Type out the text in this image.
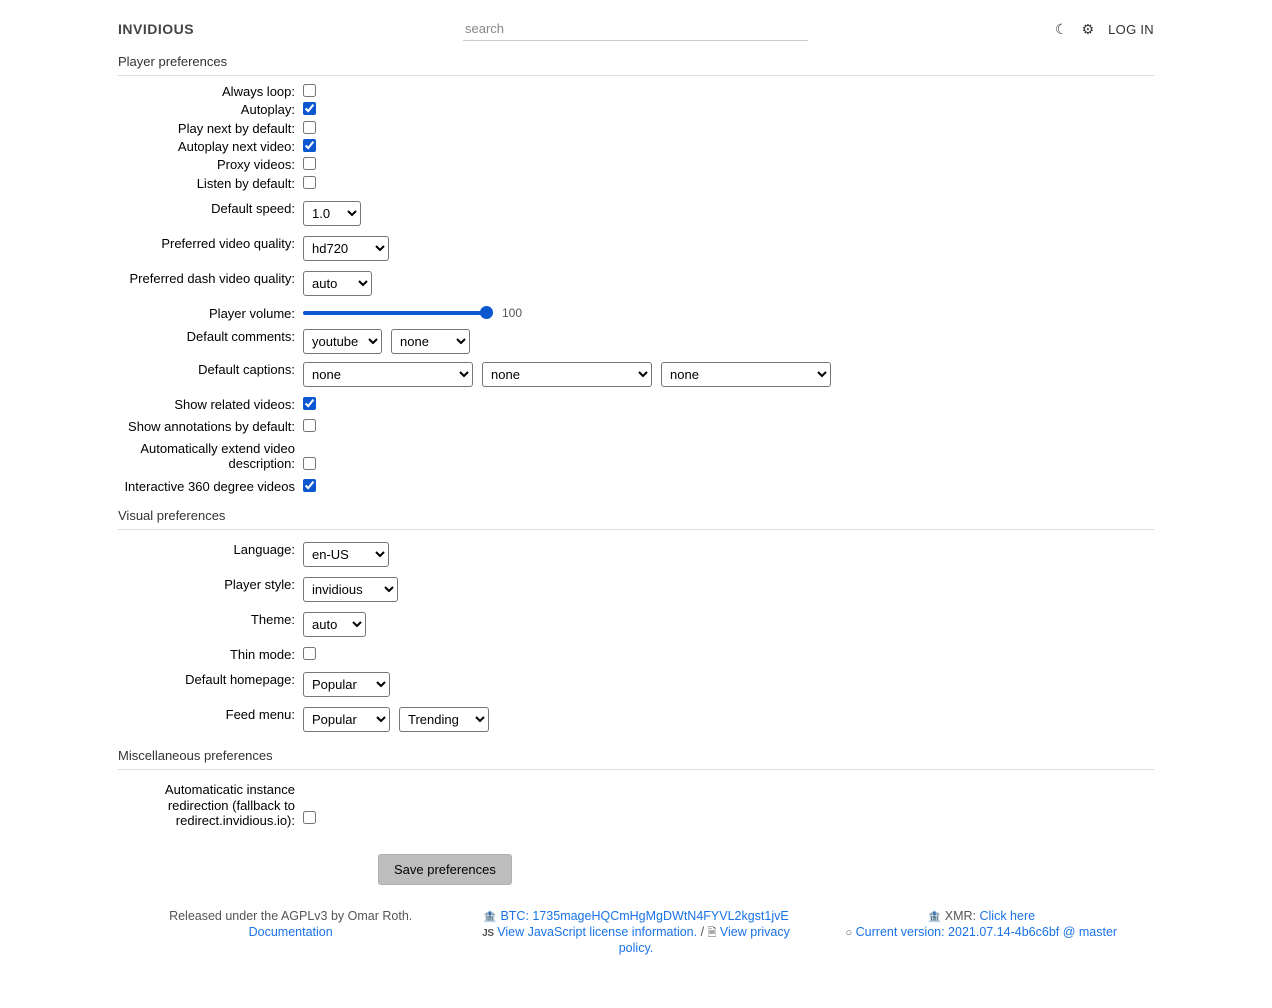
INVIDIOUS
search	☾ ⚙ LOG IN
Player preferences
Always loop:
Autoplay:
Play next by default:
Autoplay next video:
Proxy videos:
Listen by default:
Default speed:
1.0
Preferred video quality:
hd720
Preferred dash video quality:
auto
Player volume:	100
Default comments:
youtube
none
Default captions:
none
none
none
Show related videos:
Show annotations by default:
Automatically extend video description:
Interactive 360 degree videos
Visual preferences
Language:
en-US
Player style:
invidious
Theme:
auto
Thin mode:
Default homepage:
Popular
Feed menu:
Popular
Trending
Miscellaneous preferences
Automaticatic instance redirection (fallback to redirect.invidious.io):
Save preferences
Released under the AGPLv3 by Omar Roth.
Documentation
🏦 BTC: 1735mageHQCmHgMgDWtN4FYVL2kgst1jvE
JS View JavaScript license information. / 🗎 View privacy policy.
🏦 XMR: Click here
○ Current version: 2021.07.14-4b6c6bf @ master
